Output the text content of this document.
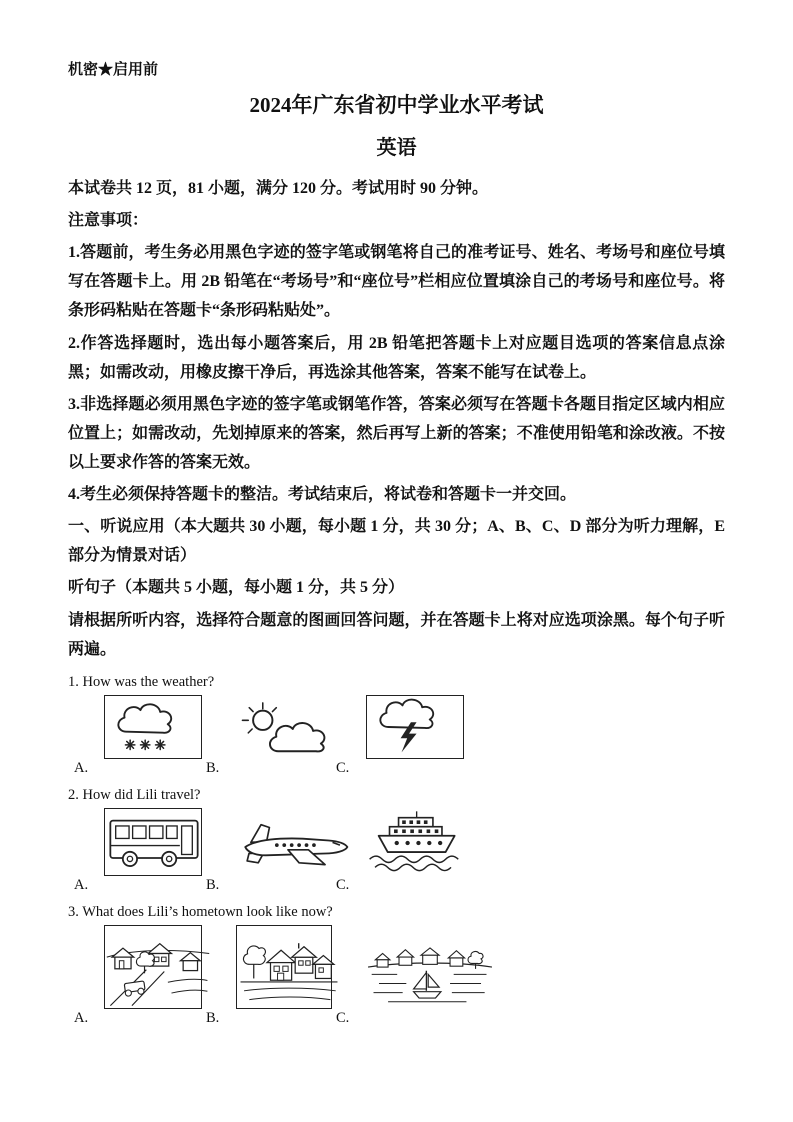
机密★启用前
2024年广东省初中学业水平考试
英语

本试卷共 12 页，81 小题，满分 120 分。考试用时 90 分钟。

注意事项：

1.答题前，考生务必用黑色字迹的签字笔或钢笔将自己的准考证号、姓名、考场号和座位号填写在答题卡上。用 2B 铅笔在“考场号”和“座位号”栏相应位置填涂自己的考场号和座位号。将条形码粘贴在答题卡“条形码粘贴处”。

2.作答选择题时，选出每小题答案后，用 2B 铅笔把答题卡上对应题目选项的答案信息点涂黑；如需改动，用橡皮擦干净后，再选涂其他答案，答案不能写在试卷上。

3.非选择题必须用黑色字迹的签字笔或钢笔作答，答案必须写在答题卡各题目指定区域内相应位置上；如需改动，先划掉原来的答案，然后再写上新的答案；不准使用铅笔和涂改液。不按以上要求作答的答案无效。

4.考生必须保持答题卡的整洁。考试结束后，将试卷和答题卡一并交回。

一、听说应用（本大题共 30 小题，每小题 1 分，共 30 分；A、B、C、D 部分为听力理解，E部分为情景对话）

听句子（本题共 5 小题，每小题 1 分，共 5 分）

请根据所听内容，选择符合题意的图画回答问题，并在答题卡上将对应选项涂黑。每个句子听两遍。

1. How was the weather?
A.	B.	C.
2. How did Lili travel?
A.	B.	C.
3. What does Lili’s hometown look like now?
A.	B.	C.
